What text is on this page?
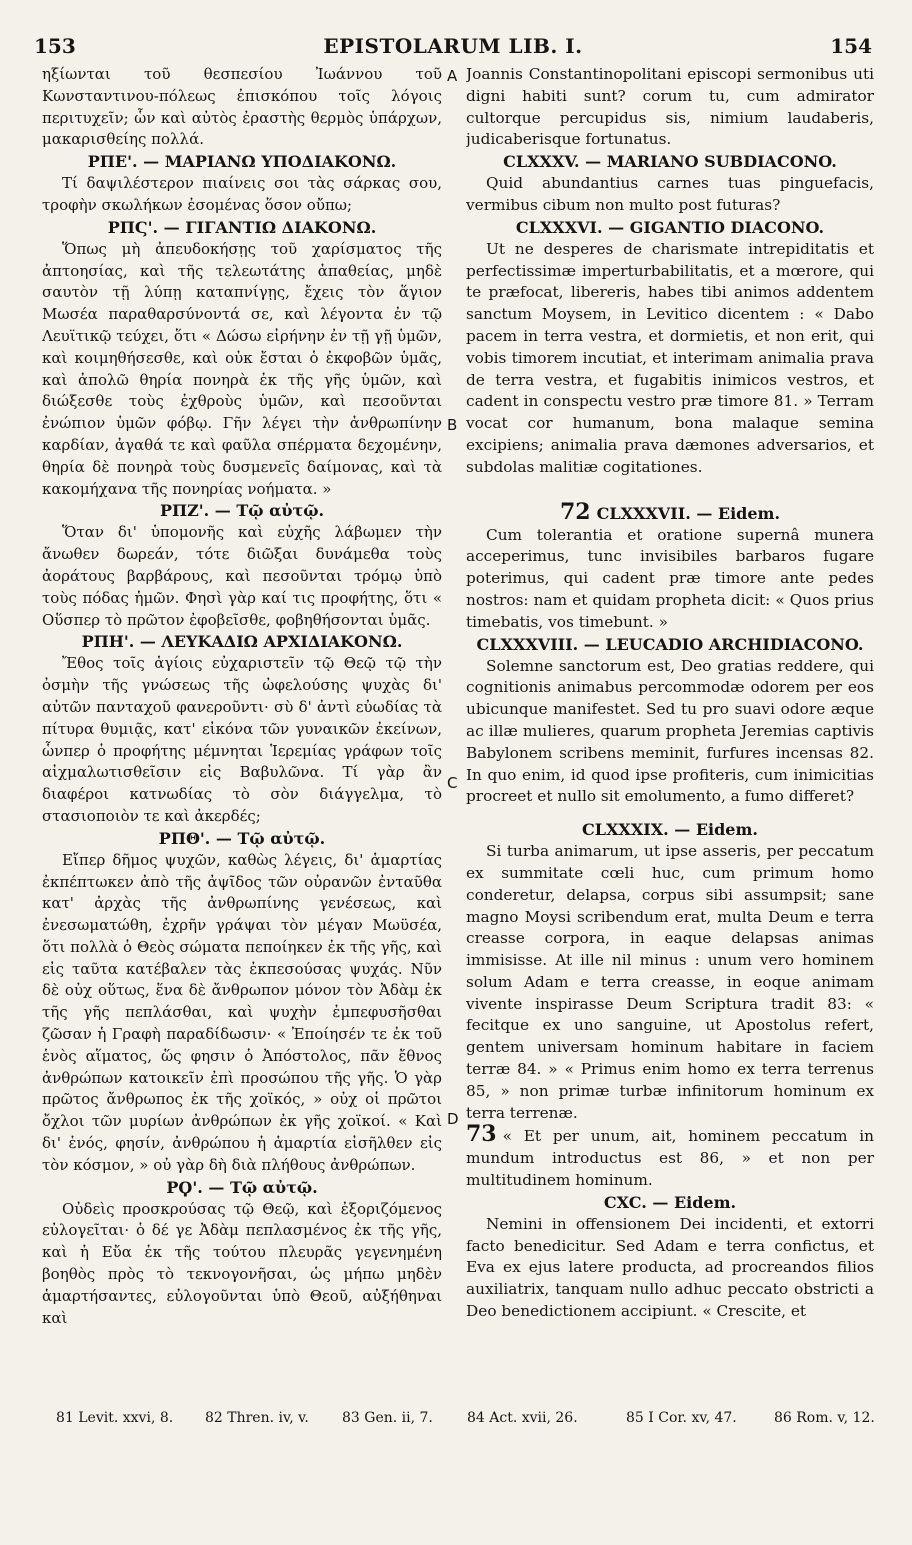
153	EPISTOLARUM LIB. I.	154

ηξίωνται τοῦ θεσπεσίου Ἰωάννου τοῦ Κωνσταντινου-πόλεως ἐπισκόπου τοῖς λόγοις περιτυχεῖν; ὧν καὶ αὐτὸς ἐραστὴς θερμὸς ὑπάρχων, μακαρισθείης πολλά.

ΡΠΕ'. — ΜΑΡΙΑΝΩ ΥΠΟΔΙΑΚΟΝΩ.

Τί δαψιλέστερον πιαίνεις σοι τὰς σάρκας σου, τροφὴν σκωλήκων ἐσομένας ὅσον οὔπω;

ΡΠϚ'. — ΓΙΓΑΝΤΙΩ ΔΙΑΚΟΝΩ.

Ὅπως μὴ ἀπευδοκήσῃς τοῦ χαρίσματος τῆς ἀπτοησίας, καὶ τῆς τελεωτάτης ἀπαθείας, μηδὲ σαυτὸν τῇ λύπῃ καταπνίγῃς, ἔχεις τὸν ἅγιον Μωσέα παραθαρσύνοντά σε, καὶ λέγοντα ἐν τῷ Λευϊτικῷ τεύχει, ὅτι « Δώσω εἰρήνην ἐν τῇ γῇ ὑμῶν, καὶ κοιμηθήσεσθε, καὶ οὐκ ἔσται ὁ ἐκφοβῶν ὑμᾶς, καὶ ἀπολῶ θηρία πονηρὰ ἐκ τῆς γῆς ὑμῶν, καὶ διώξεσθε τοὺς ἐχθροὺς ὑμῶν, καὶ πεσοῦνται ἐνώπιον ὑμῶν φόβῳ. Γῆν λέγει τὴν ἀνθρωπίνην καρδίαν, ἀγαθά τε καὶ φαῦλα σπέρματα δεχομένην, θηρία δὲ πονηρὰ τοὺς δυσμενεῖς δαίμονας, καὶ τὰ κακομήχανα τῆς πονηρίας νοήματα. »

ΡΠΖ'. — Τῷ αὐτῷ.

Ὅταν δι' ὑπομονῆς καὶ εὐχῆς λάβωμεν τὴν ἄνωθεν δωρεάν, τότε διῶξαι δυνάμεθα τοὺς ἀοράτους βαρβάρους, καὶ πεσοῦνται τρόμῳ ὑπὸ τοὺς πόδας ἡμῶν. Φησὶ γὰρ καί τις προφήτης, ὅτι « Οὕσπερ τὸ πρῶτον ἐφοβεῖσθε, φοβηθήσονται ὑμᾶς.

ΡΠΗ'. — ΛΕΥΚΑΔΙΩ ΑΡΧΙΔΙΑΚΟΝΩ.

Ἔθος τοῖς ἁγίοις εὐχαριστεῖν τῷ Θεῷ τῷ τὴν ὀσμὴν τῆς γνώσεως τῆς ὠφελούσης ψυχὰς δι' αὐτῶν πανταχοῦ φανεροῦντι· σὺ δ' ἀντὶ εὐωδίας τὰ πίτυρα θυμιᾷς, κατ' εἰκόνα τῶν γυναικῶν ἐκείνων, ὧνπερ ὁ προφήτης μέμνηται Ἱερεμίας γράφων τοῖς αἰχμαλωτισθεῖσιν εἰς Βαβυλῶνα. Τί γὰρ ἂν διαφέροι κατνωδίας τὸ σὸν διάγγελμα, τὸ στασιοποιὸν τε καὶ ἀκερδές;

ΡΠΘ'. — Τῷ αὐτῷ.

Εἴπερ δῆμος ψυχῶν, καθὼς λέγεις, δι' ἁμαρτίας ἐκπέπτωκεν ἀπὸ τῆς ἀψῖδος τῶν οὐρανῶν ἐνταῦθα κατ' ἀρχὰς τῆς ἀνθρωπίνης γενέσεως, καὶ ἐνεσωματώθη, ἐχρῆν γράψαι τὸν μέγαν Μωϋσέα, ὅτι πολλὰ ὁ Θεὸς σώματα πεποίηκεν ἐκ τῆς γῆς, καὶ εἰς ταῦτα κατέβαλεν τὰς ἐκπεσούσας ψυχάς. Νῦν δὲ οὐχ οὕτως, ἕνα δὲ ἄνθρωπον μόνον τὸν Ἀδὰμ ἐκ τῆς γῆς πεπλάσθαι, καὶ ψυχὴν ἐμπεφυσῆσθαι ζῶσαν ἡ Γραφὴ παραδίδωσιν· « Ἐποίησέν τε ἐκ τοῦ ἑνὸς αἵματος, ὥς φησιν ὁ Ἀπόστολος, πᾶν ἔθνος ἀνθρώπων κατοικεῖν ἐπὶ προσώπου τῆς γῆς. Ὁ γὰρ πρῶτος ἄνθρωπος ἐκ τῆς χοϊκός, » οὐχ οἱ πρῶτοι ὄχλοι τῶν μυρίων ἀνθρώπων ἐκ γῆς χοϊκοί. « Καὶ δι' ἑνός, φησίν, ἀνθρώπου ἡ ἁμαρτία εἰσῆλθεν εἰς τὸν κόσμον, » οὐ γὰρ δὴ διὰ πλήθους ἀνθρώπων.

ΡϘ'. — Τῷ αὐτῷ.

Οὐδεὶς προσκρούσας τῷ Θεῷ, καὶ ἐξοριζόμενος εὐλογεῖται· ὁ δέ γε Ἀδὰμ πεπλασμένος ἐκ τῆς γῆς, καὶ ἡ Εὔα ἐκ τῆς τούτου πλευρᾶς γεγενημένη βοηθὸς πρὸς τὸ τεκνογονῆσαι, ὡς μήπω μηδὲν ἁμαρτήσαντες, εὐλογοῦνται ὑπὸ Θεοῦ, αὐξήθηναι καὶ

Joannis Constantinopolitani episcopi sermonibus uti digni habiti sunt? corum tu, cum admirator cultorque percupidus sis, nimium laudaberis, judicaberisque fortunatus.

CLXXXV. — MARIANO SUBDIACONO.

Quid abundantius carnes tuas pinguefacis, vermibus cibum non multo post futuras?

CLXXXVI. — GIGANTIO DIACONO.

Ut ne desperes de charismate intrepiditatis et perfectissimæ imperturbabilitatis, et a mœrore, qui te præfocat, libereris, habes tibi animos addentem sanctum Moysem, in Levitico dicentem : « Dabo pacem in terra vestra, et dormietis, et non erit, qui vobis timorem incutiat, et interimam animalia prava de terra vestra, et fugabitis inimicos vestros, et cadent in conspectu vestro præ timore 81. » Terram vocat cor humanum, bona malaque semina excipiens; animalia prava dæmones adversarios, et subdolas malitiæ cogitationes.

72 CLXXXVII. — Eidem.

Cum tolerantia et oratione supernâ munera acceperimus, tunc invisibiles barbaros fugare poterimus, qui cadent præ timore ante pedes nostros: nam et quidam propheta dicit: « Quos prius timebatis, vos timebunt. »

CLXXXVIII. — LEUCADIO ARCHIDIACONO.

Solemne sanctorum est, Deo gratias reddere, qui cognitionis animabus percommodæ odorem per eos ubicunque manifestet. Sed tu pro suavi odore æque ac illæ mulieres, quarum propheta Jeremias captivis Babylonem scribens meminit, furfures incensas 82. In quo enim, id quod ipse profiteris, cum inimicitias procreet et nullo sit emolumento, a fumo differet?

CLXXXIX. — Eidem.

Si turba animarum, ut ipse asseris, per peccatum ex summitate cœli huc, cum primum homo conderetur, delapsa, corpus sibi assumpsit; sane magno Moysi scribendum erat, multa Deum e terra creasse corpora, in eaque delapsas animas immisisse. At ille nil minus : unum vero hominem solum Adam e terra creasse, in eoque animam vivente inspirasse Deum Scriptura tradit 83: « fecitque ex uno sanguine, ut Apostolus refert, gentem universam hominum habitare in faciem terræ 84. » « Primus enim homo ex terra terrenus 85, » non primæ turbæ infinitorum hominum ex terra terrenæ.

73 « Et per unum, ait, hominem peccatum in mundum introductus est 86, » et non per multitudinem hominum.

CXC. — Eidem.

Nemini in offensionem Dei incidenti, et extorri facto benedicitur. Sed Adam e terra confictus, et Eva ex ejus latere producta, ad procreandos filios auxiliatrix, tanquam nullo adhuc peccato obstricti a Deo benedictionem accipiunt. « Crescite, et

A
B
C
D
81 Levit. xxvi, 8. 82 Thren. iv, v. 83 Gen. ii, 7. 84 Act. xvii, 26.	85 I Cor. xv, 47.	86 Rom. v, 12.
